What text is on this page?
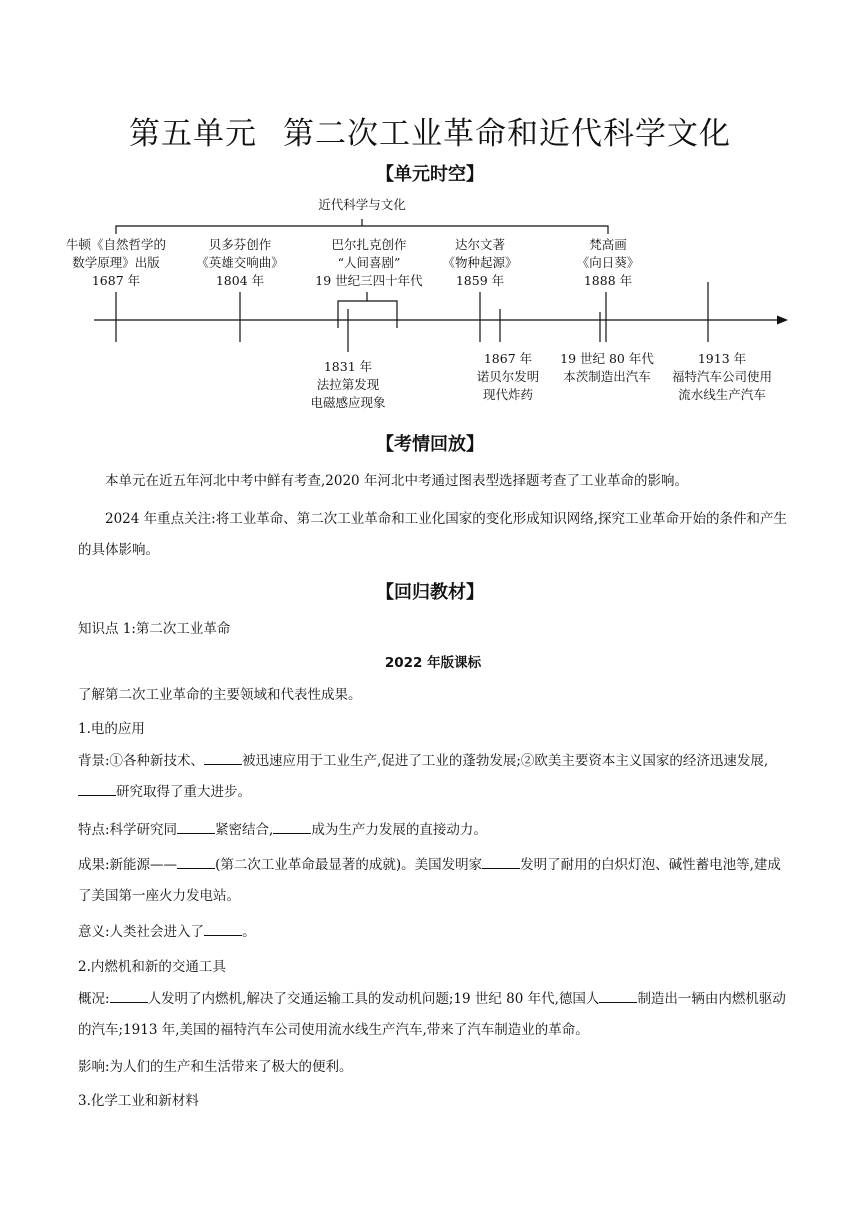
第五单元 第二次工业革命和近代科学文化
【单元时空】
近代科学与文化
牛顿《自然哲学的
数学原理》出版
1687 年
贝多芬创作
《英雄交响曲》
1804 年
巴尔扎克创作
“人间喜剧”
19 世纪三四十年代
达尔文著
《物种起源》
1859 年
梵高画
《向日葵》
1888 年
1831 年
法拉第发现
电磁感应现象
1867 年
诺贝尔发明
现代炸药
19 世纪 80 年代
本茨制造出汽车
1913 年
福特汽车公司使用
流水线生产汽车
【考情回放】
本单元在近五年河北中考中鲜有考查,2020 年河北中考通过图表型选择题考查了工业革命的影响。
2024 年重点关注:将工业革命、第二次工业革命和工业化国家的变化形成知识网络,探究工业革命开始的条件和产生的具体影响。
【回归教材】
知识点 1:第二次工业革命
2022 年版课标
了解第二次工业革命的主要领域和代表性成果。
1.电的应用
背景:①各种新技术、	被迅速应用于工业生产,促进了工业的蓬勃发展;②欧美主要资本主义国家的经济迅速发展,研究取得了重大进步。
特点:科学研究同	紧密结合,	成为生产力发展的直接动力。
成果:新能源——	(第二次工业革命最显著的成就)。美国发明家	发明了耐用的白炽灯泡、碱性蓄电池等,建成了美国第一座火力发电站。
意义:人类社会进入了	。
2.内燃机和新的交通工具
概况:	人发明了内燃机,解决了交通运输工具的发动机问题;19 世纪 80 年代,德国人	制造出一辆由内燃机驱动的汽车;1913 年,美国的福特汽车公司使用流水线生产汽车,带来了汽车制造业的革命。
影响:为人们的生产和生活带来了极大的便利。
3.化学工业和新材料
